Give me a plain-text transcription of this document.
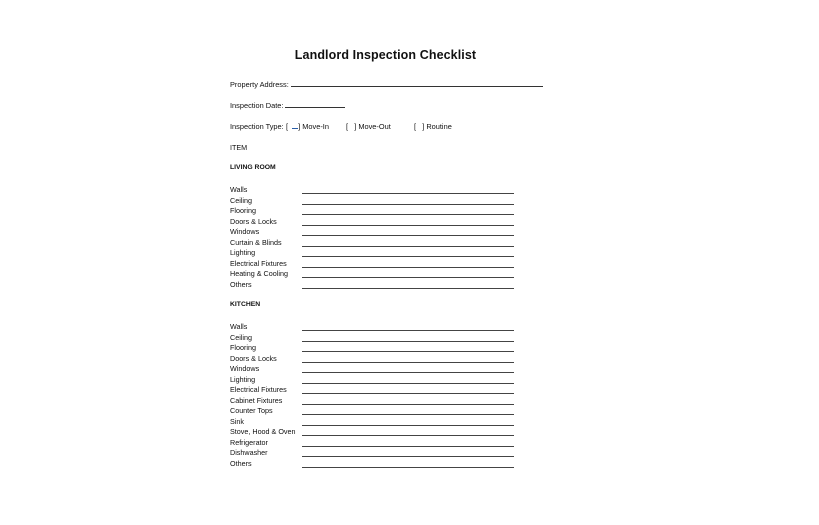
Landlord Inspection Checklist
Property Address:
Inspection Date:
Inspection Type: [  ] Move-In [   ] Move-Out	[   ] Routine
ITEM
LIVING ROOM
Walls
Ceiling
Flooring
Doors & Locks
Windows
Curtain & Blinds
Lighting
Electrical Fixtures
Heating & Cooling
Others
KITCHEN
Walls
Ceiling
Flooring
Doors & Locks
Windows
Lighting
Electrical Fixtures
Cabinet Fixtures
Counter Tops
Sink
Stove, Hood & Oven
Refrigerator
Dishwasher
Others
